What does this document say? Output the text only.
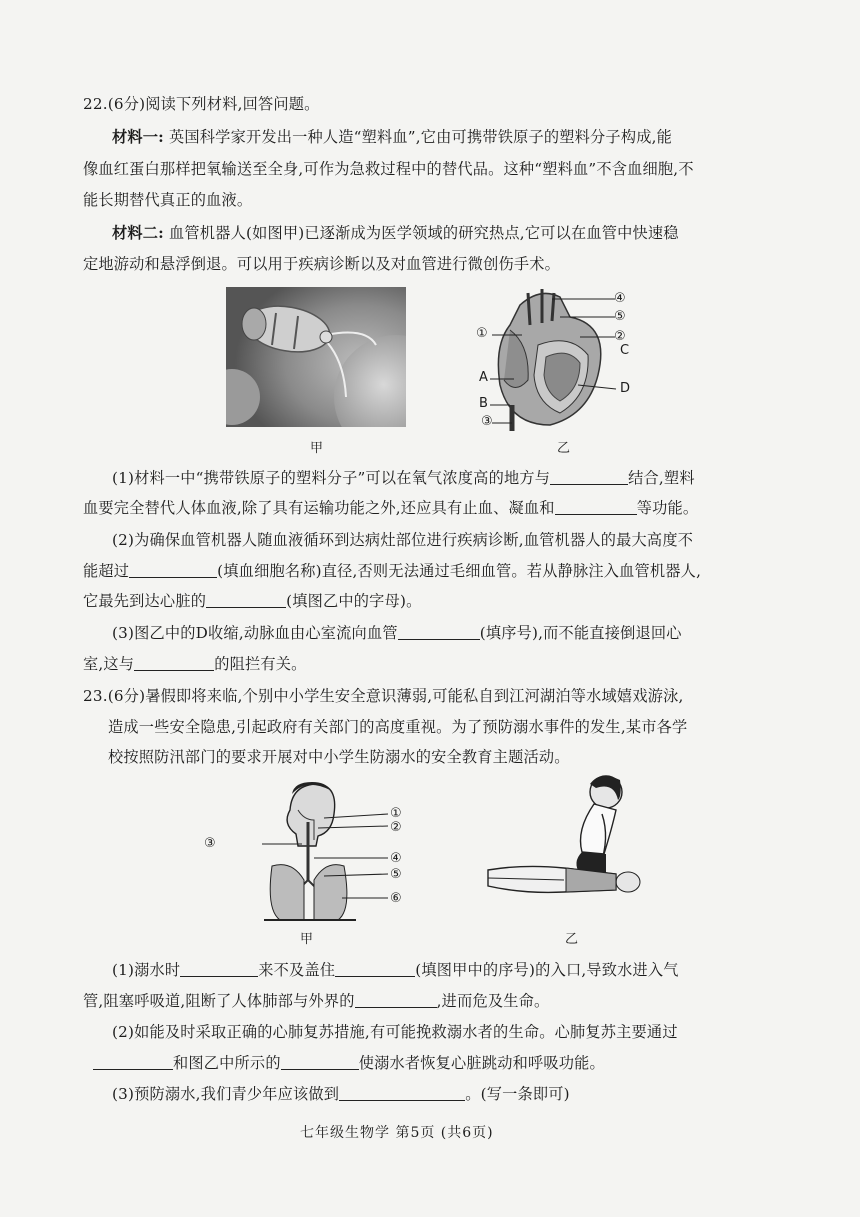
22.(6分)阅读下列材料,回答问题。
材料一: 英国科学家开发出一种人造“塑料血”,它由可携带铁原子的塑料分子构成,能
像血红蛋白那样把氧输送至全身,可作为急救过程中的替代品。这种“塑料血”不含血细胞,不
能长期替代真正的血液。
材料二: 血管机器人(如图甲)已逐渐成为医学领域的研究热点,它可以在血管中快速稳
定地游动和悬浮倒退。可以用于疾病诊断以及对血管进行微创伤手术。
甲
④
⑤
②
C
①
A
B
D
③
乙
(1)材料一中“携带铁原子的塑料分子”可以在氧气浓度高的地方与	结合,塑料
血要完全替代人体血液,除了具有运输功能之外,还应具有止血、凝血和	等功能。
(2)为确保血管机器人随血液循环到达病灶部位进行疾病诊断,血管机器人的最大高度不
能超过	(填血细胞名称)直径,否则无法通过毛细血管。若从静脉注入血管机器人,
它最先到达心脏的	(填图乙中的字母)。
(3)图乙中的D收缩,动脉血由心室流向血管	(填序号),而不能直接倒退回心
室,这与	的阻拦有关。
23.(6分)暑假即将来临,个别中小学生安全意识薄弱,可能私自到江河湖泊等水域嬉戏游泳,
造成一些安全隐患,引起政府有关部门的高度重视。为了预防溺水事件的发生,某市各学
校按照防汛部门的要求开展对中小学生防溺水的安全教育主题活动。
①
②
③
④
⑤
⑥
甲	乙
(1)溺水时	来不及盖住	(填图甲中的序号)的入口,导致水进入气
管,阻塞呼吸道,阻断了人体肺部与外界的	,进而危及生命。
(2)如能及时采取正确的心肺复苏措施,有可能挽救溺水者的生命。心肺复苏主要通过
和图乙中所示的	使溺水者恢复心脏跳动和呼吸功能。
(3)预防溺水,我们青少年应该做到	。(写一条即可)
七年级生物学 第5页 (共6页)
